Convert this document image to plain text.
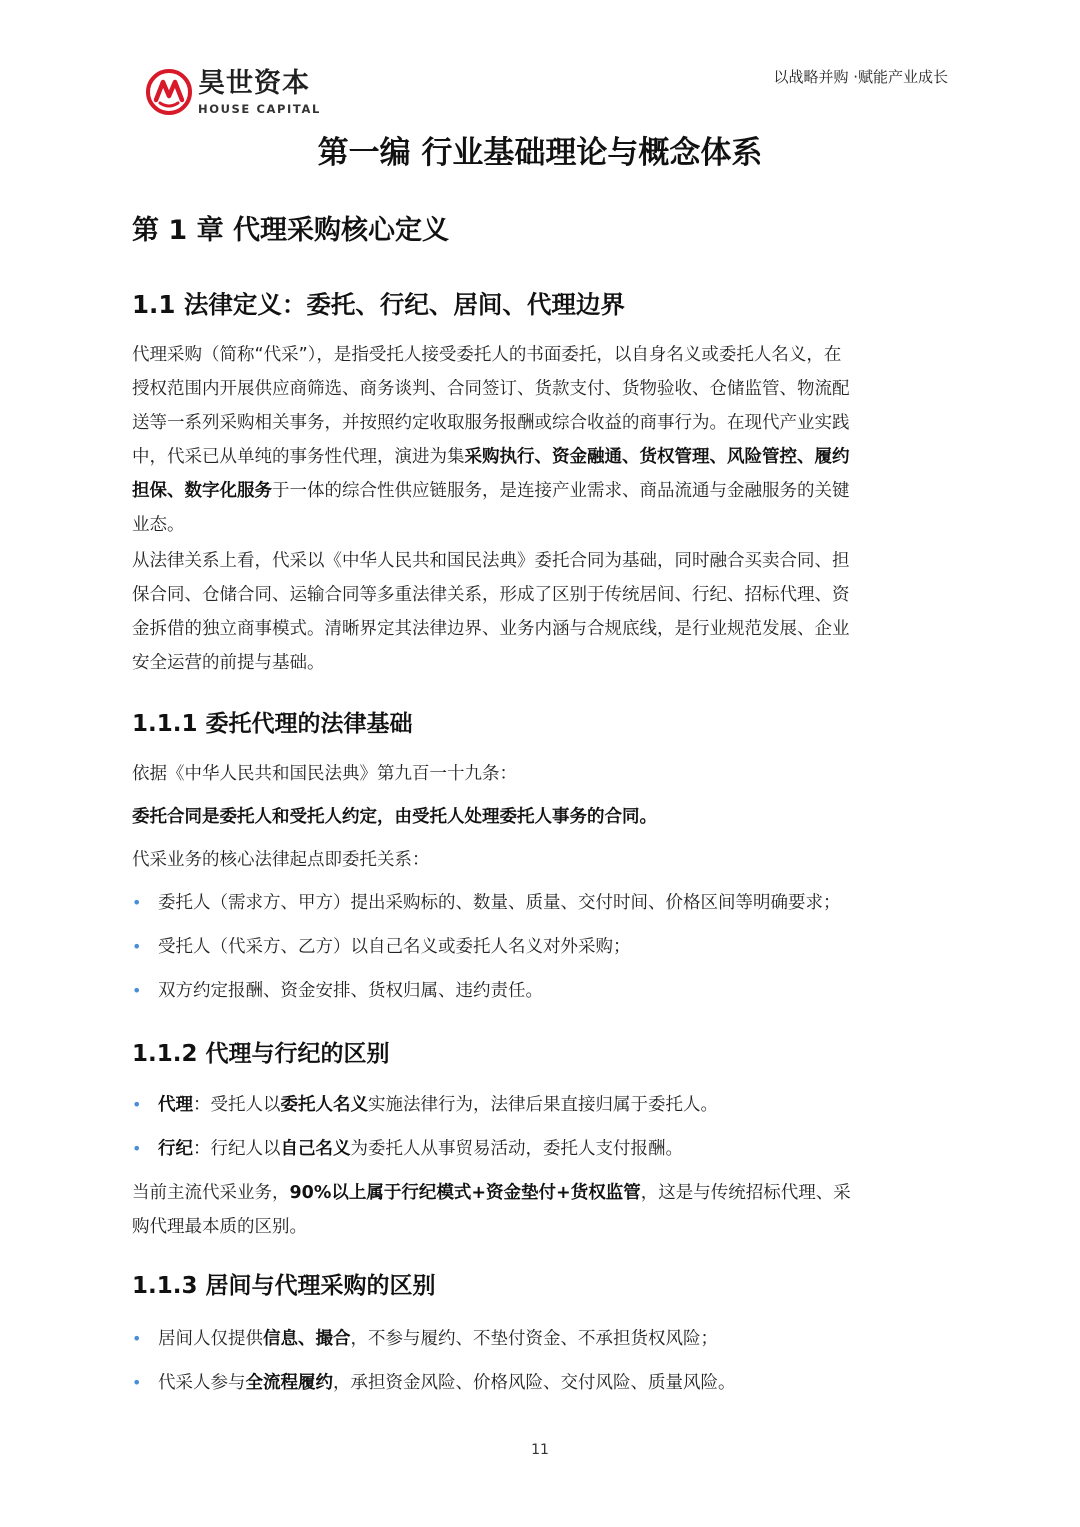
昊世资本
HOUSE CAPITAL
以战略并购 ·赋能产业成长
第一编 行业基础理论与概念体系
第 1 章 代理采购核心定义
1.1 法律定义：委托、行纪、居间、代理边界
代理采购（简称“代采”），是指受托人接受委托人的书面委托，以自身名义或委托人名义，在
授权范围内开展供应商筛选、商务谈判、合同签订、货款支付、货物验收、仓储监管、物流配
送等一系列采购相关事务，并按照约定收取服务报酬或综合收益的商事行为。在现代产业实践
中，代采已从单纯的事务性代理，演进为集采购执行、资金融通、货权管理、风险管控、履约
担保、数字化服务于一体的综合性供应链服务，是连接产业需求、商品流通与金融服务的关键
业态。
从法律关系上看，代采以《中华人民共和国民法典》委托合同为基础，同时融合买卖合同、担
保合同、仓储合同、运输合同等多重法律关系，形成了区别于传统居间、行纪、招标代理、资
金拆借的独立商事模式。清晰界定其法律边界、业务内涵与合规底线，是行业规范发展、企业
安全运营的前提与基础。
1.1.1 委托代理的法律基础
依据《中华人民共和国民法典》第九百一十九条：
委托合同是委托人和受托人约定，由受托人处理委托人事务的合同。
代采业务的核心法律起点即委托关系：
• 委托人（需求方、甲方）提出采购标的、数量、质量、交付时间、价格区间等明确要求；
• 受托人（代采方、乙方）以自己名义或委托人名义对外采购；
• 双方约定报酬、资金安排、货权归属、违约责任。
1.1.2 代理与行纪的区别
• 代理：受托人以委托人名义实施法律行为，法律后果直接归属于委托人。
• 行纪：行纪人以自己名义为委托人从事贸易活动，委托人支付报酬。
当前主流代采业务，90%以上属于行纪模式+资金垫付+货权监管，这是与传统招标代理、采
购代理最本质的区别。
1.1.3 居间与代理采购的区别
• 居间人仅提供信息、撮合，不参与履约、不垫付资金、不承担货权风险；
• 代采人参与全流程履约，承担资金风险、价格风险、交付风险、质量风险。
11
